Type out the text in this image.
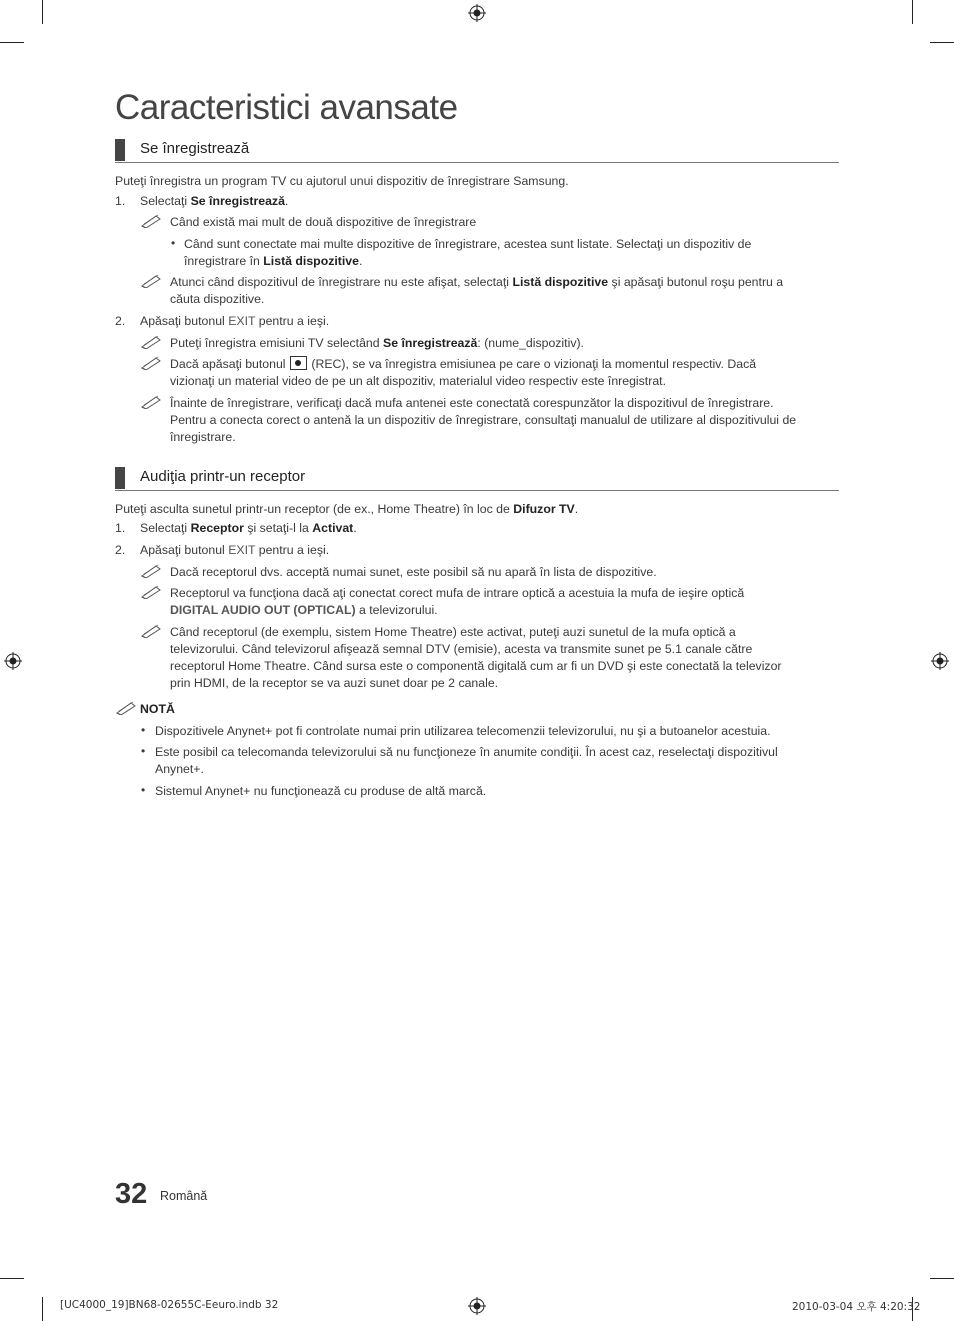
Caracteristici avansate
Se înregistrează
Puteţi înregistra un program TV cu ajutorul unui dispozitiv de înregistrare Samsung.
1. Selectaţi Se înregistrează.
Când există mai mult de două dispozitive de înregistrare
• Când sunt conectate mai multe dispozitive de înregistrare, acestea sunt listate. Selectaţi un dispozitiv de
înregistrare în Listă dispozitive.
Atunci când dispozitivul de înregistrare nu este afişat, selectaţi Listă dispozitive şi apăsaţi butonul roşu pentru a
căuta dispozitive.
2. Apăsaţi butonul EXIT pentru a ieşi.
Puteţi înregistra emisiuni TV selectând Se înregistrează: (nume_dispozitiv).
Dacă apăsaţi butonul  (REC), se va înregistra emisiunea pe care o vizionaţi la momentul respectiv. Dacă
vizionaţi un material video de pe un alt dispozitiv, materialul video respectiv este înregistrat.
Înainte de înregistrare, verificaţi dacă mufa antenei este conectată corespunzător la dispozitivul de înregistrare.
Pentru a conecta corect o antenă la un dispozitiv de înregistrare, consultaţi manualul de utilizare al dispozitivului de
înregistrare.
Audiţia printr-un receptor
Puteţi asculta sunetul printr-un receptor (de ex., Home Theatre) în loc de Difuzor TV.
1. Selectaţi Receptor şi setaţi-l la Activat.
2. Apăsaţi butonul EXIT pentru a ieşi.
Dacă receptorul dvs. acceptă numai sunet, este posibil să nu apară în lista de dispozitive.
Receptorul va funcţiona dacă aţi conectat corect mufa de intrare optică a acestuia la mufa de ieşire optică
DIGITAL AUDIO OUT (OPTICAL) a televizorului.
Când receptorul (de exemplu, sistem Home Theatre) este activat, puteţi auzi sunetul de la mufa optică a
televizorului. Când televizorul afişează semnal DTV (emisie), acesta va transmite sunet pe 5.1 canale către
receptorul Home Theatre. Când sursa este o componentă digitală cum ar fi un DVD şi este conectată la televizor
prin HDMI, de la receptor se va auzi sunet doar pe 2 canale.
NOTĂ
• Dispozitivele Anynet+ pot fi controlate numai prin utilizarea telecomenzii televizorului, nu şi a butoanelor acestuia.
• Este posibil ca telecomanda televizorului să nu funcţioneze în anumite condiţii. În acest caz, reselectaţi dispozitivul
Anynet+.
• Sistemul Anynet+ nu funcţionează cu produse de altă marcă.
32 Română
[UC4000_19]BN68-02655C-Eeuro.indb 32	2010-03-04 오후 4:20:32
